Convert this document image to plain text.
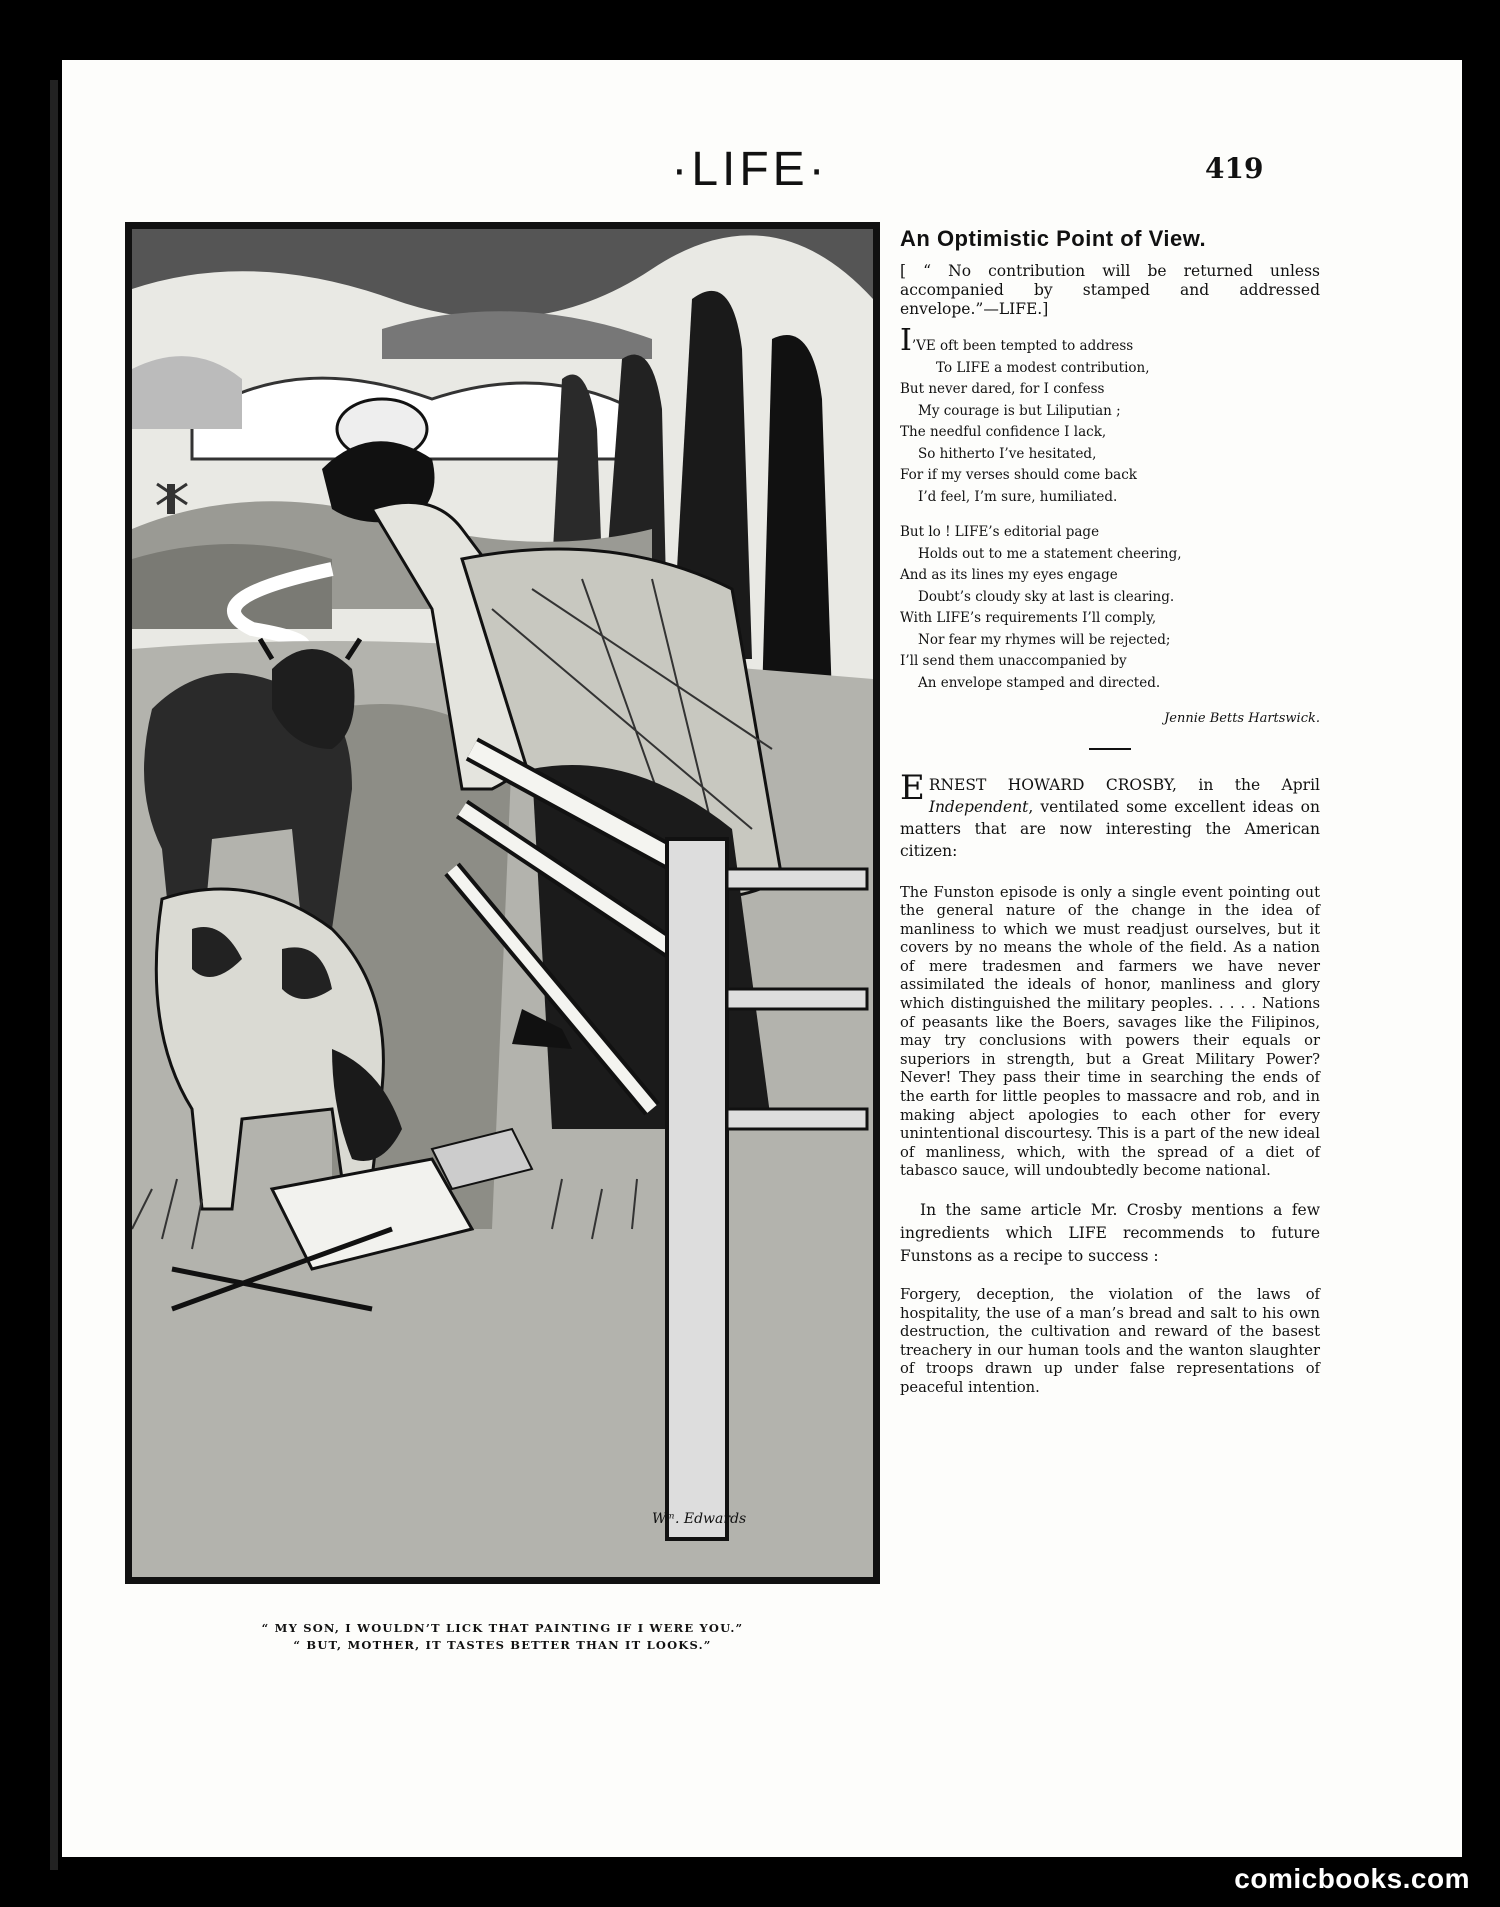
·LIFE·	419
Wᵐ. Edwards
“ MY SON, I WOULDN’T LICK THAT PAINTING IF I WERE YOU.”
“ BUT, MOTHER, IT TASTES BETTER THAN IT LOOKS.”
An Optimistic Point of View.

[ “ No contribution will be returned unless accompanied by stamped and addressed envelope.”—LIFE.]

I’VE oft been tempted to address
To LIFE a modest contribution,
But never dared, for I confess
My courage is but Liliputian ;
The needful confidence I lack,
So hitherto I’ve hesitated,
For if my verses should come back
I’d feel, I’m sure, humiliated.
But lo ! LIFE’s editorial page
Holds out to me a statement cheering,
And as its lines my eyes engage
Doubt’s cloudy sky at last is clearing.
With LIFE’s requirements I’ll comply,
Nor fear my rhymes will be rejected;
I’ll send them unaccompanied by
An envelope stamped and directed.
Jennie Betts Hartswick.

ERNEST HOWARD CROSBY, in the April Independent, ventilated some excellent ideas on matters that are now interesting the American citizen:

The Funston episode is only a single event pointing out the general nature of the change in the idea of manliness to which we must readjust ourselves, but it covers by no means the whole of the field. As a nation of mere tradesmen and farmers we have never assimilated the ideals of honor, manliness and glory which distinguished the military peoples. . . . . Nations of peasants like the Boers, savages like the Filipinos, may try conclusions with powers their equals or superiors in strength, but a Great Military Power? Never! They pass their time in searching the ends of the earth for little peoples to massacre and rob, and in making abject apologies to each other for every unintentional discourtesy. This is a part of the new ideal of manliness, which, with the spread of a diet of tabasco sauce, will undoubtedly become national.

In the same article Mr. Crosby mentions a few ingredients which LIFE recommends to future Funstons as a recipe to success :

Forgery, deception, the violation of the laws of hospitality, the use of a man’s bread and salt to his own destruction, the cultivation and reward of the basest treachery in our human tools and the wanton slaughter of troops drawn up under false representations of peaceful intention.

comicbooks.com
